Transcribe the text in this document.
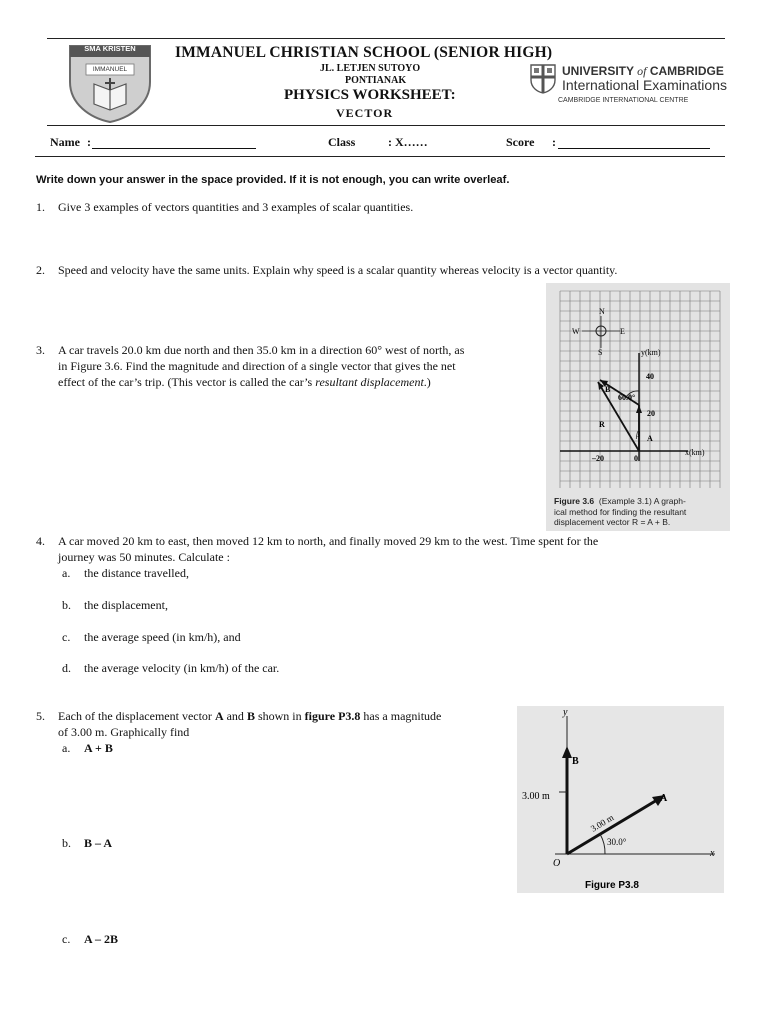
SMA KRISTEN
IMMANUEL
IMMANUEL CHRISTIAN SCHOOL (SENIOR HIGH)
JL. LETJEN SUTOYO
PONTIANAK
PHYSICS WORKSHEET:
VECTOR
UNIVERSITY of CAMBRIDGE
International Examinations
CAMBRIDGE INTERNATIONAL CENTRE
Name :	Class	: X……	Score :
Write down your answer in the space provided. If it is not enough, you can write overleaf.
1. Give 3 examples of vectors quantities and 3 examples of scalar quantities.
2. Speed and velocity have the same units. Explain why speed is a scalar quantity whereas velocity is a vector quantity.
3. A car travels 20.0 km due north and then 35.0 km in a direction 60° west of north, as
in Figure 3.6. Find the magnitude and direction of a single vector that gives the net
effect of the car’s trip. (This vector is called the car’s resultant displacement.)
N
S
E
W
y(km)
x(km)
40
20
0
–20
60.0°
β A
B
R
Figure 3.6 (Example 3.1) A graph-
ical method for finding the resultant
displacement vector R = A + B.
4. A car moved 20 km to east, then moved 12 km to north, and finally moved 29 km to the west. Time spent for the
journey was 50 minutes. Calculate :
a. the distance travelled,
b. the displacement,
c. the average speed (in km/h), and
d. the average velocity (in km/h) of the car.
5. Each of the displacement vector A and B shown in figure P3.8 has a magnitude
of 3.00 m. Graphically find
a. A + B
b. B – A
c. A – 2B
y
x
O
3.00 m
B
A
3.00 m
30.0°
Figure P3.8
